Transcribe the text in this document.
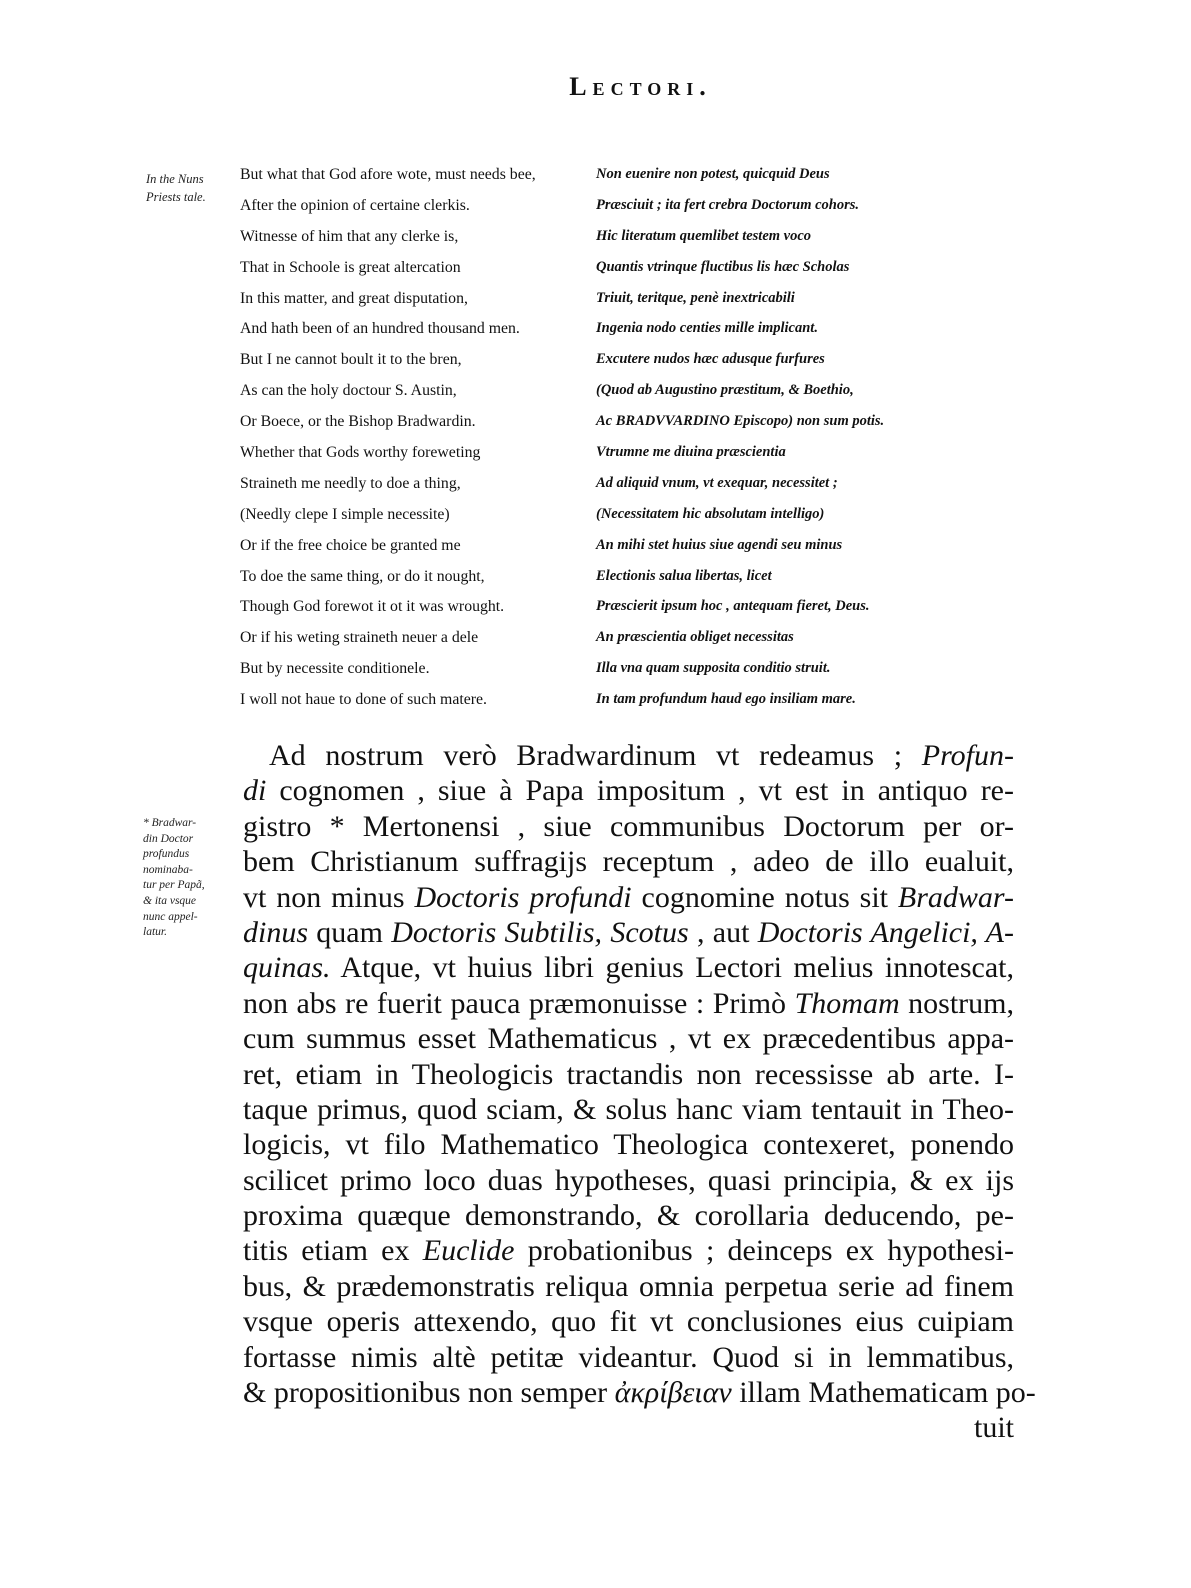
Lectori.
In the Nuns
Priests tale.
* Bradwar-
din Doctor
profundus
nominaba-
tur per Papã,
& ita vsque
nunc appel-
latur.
But what that God afore wote, must needs bee,	Non euenire non potest, quicquid Deus
After the opinion of certaine clerkis.	Præsciuit ; ita fert crebra Doctorum cohors.
Witnesse of him that any clerke is,	Hic literatum quemlibet testem voco
That in Schoole is great altercation	Quantis vtrinque fluctibus lis hæc Scholas
In this matter, and great disputation,	Triuit, teritque, penè inextricabili
And hath been of an hundred thousand men.	Ingenia nodo centies mille implicant.
But I ne cannot boult it to the bren,	Excutere nudos hæc adusque furfures
As can the holy doctour S. Austin,	(Quod ab Augustino præstitum, & Boethio,
Or Boece, or the Bishop Bradwardin.	Ac BRADVVARDINO Episcopo) non sum potis.
Whether that Gods worthy foreweting	Vtrumne me diuina præscientia
Straineth me needly to doe a thing,	Ad aliquid vnum, vt exequar, necessitet ;
(Needly clepe I simple necessite)	(Necessitatem hic absolutam intelligo)
Or if the free choice be granted me	An mihi stet huius siue agendi seu minus
To doe the same thing, or do it nought,	Electionis salua libertas, licet
Though God forewot it ot it was wrought.	Præscierit ipsum hoc , antequam fieret, Deus.
Or if his weting straineth neuer a dele	An præscientia obliget necessitas
But by necessite conditionele.	Illa vna quam supposita conditio struit.
I woll not haue to done of such matere.	In tam profundum haud ego insiliam mare.
Ad nostrum verò Bradwardinum vt redeamus ; Profun-
di cognomen , siue à Papa impositum , vt est in antiquo re-
gistro * Mertonensi , siue communibus Doctorum per or-
bem Christianum suffragijs receptum , adeo de illo eualuit,
vt non minus Doctoris profundi cognomine notus sit Bradwar-
dinus quam Doctoris Subtilis, Scotus , aut Doctoris Angelici, A-
quinas. Atque, vt huius libri genius Lectori melius innotescat,
non abs re fuerit pauca præmonuisse : Primò Thomam nostrum,
cum summus esset Mathematicus , vt ex præcedentibus appa-
ret, etiam in Theologicis tractandis non recessisse ab arte. I-
taque primus, quod sciam, & solus hanc viam tentauit in Theo-
logicis, vt filo Mathematico Theologica contexeret, ponendo
scilicet primo loco duas hypotheses, quasi principia, & ex ijs
proxima quæque demonstrando, & corollaria deducendo, pe-
titis etiam ex Euclide probationibus ; deinceps ex hypothesi-
bus, & prædemonstratis reliqua omnia perpetua serie ad finem
vsque operis attexendo, quo fit vt conclusiones eius cuipiam
fortasse nimis altè petitæ videantur. Quod si in lemmatibus,
& propositionibus non semper ἀκρίβειαν illam Mathematicam po-
tuit
